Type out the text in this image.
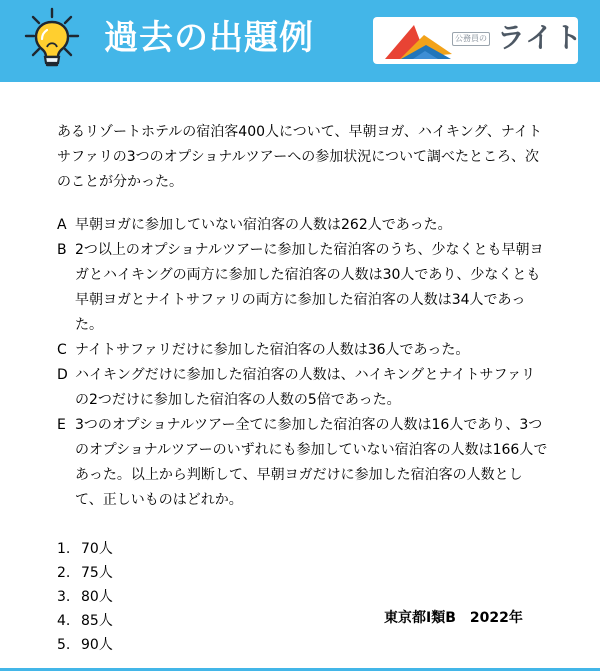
過去の出題例	公務員の ライト

あるリゾートホテルの宿泊客400人について、早朝ヨガ、ハイキング、ナイトサファリの3つのオプショナルツアーへの参加状況について調べたところ、次のことが分かった。

A 早朝ヨガに参加していない宿泊客の人数は262人であった。
B 2つ以上のオプショナルツアーに参加した宿泊客のうち、少なくとも早朝ヨガとハイキングの両方に参加した宿泊客の人数は30人であり、少なくとも早朝ヨガとナイトサファリの両方に参加した宿泊客の人数は34人であった。
C ナイトサファリだけに参加した宿泊客の人数は36人であった。
D ハイキングだけに参加した宿泊客の人数は、ハイキングとナイトサファリの2つだけに参加した宿泊客の人数の5倍であった。
E 3つのオプショナルツアー全てに参加した宿泊客の人数は16人であり、3つのオプショナルツアーのいずれにも参加していない宿泊客の人数は166人であった。以上から判断して、早朝ヨガだけに参加した宿泊客の人数として、正しいものはどれか。
1. 70人
2. 75人
3. 80人
4. 85人
5. 90人
東京都Ⅰ類B　2022年
